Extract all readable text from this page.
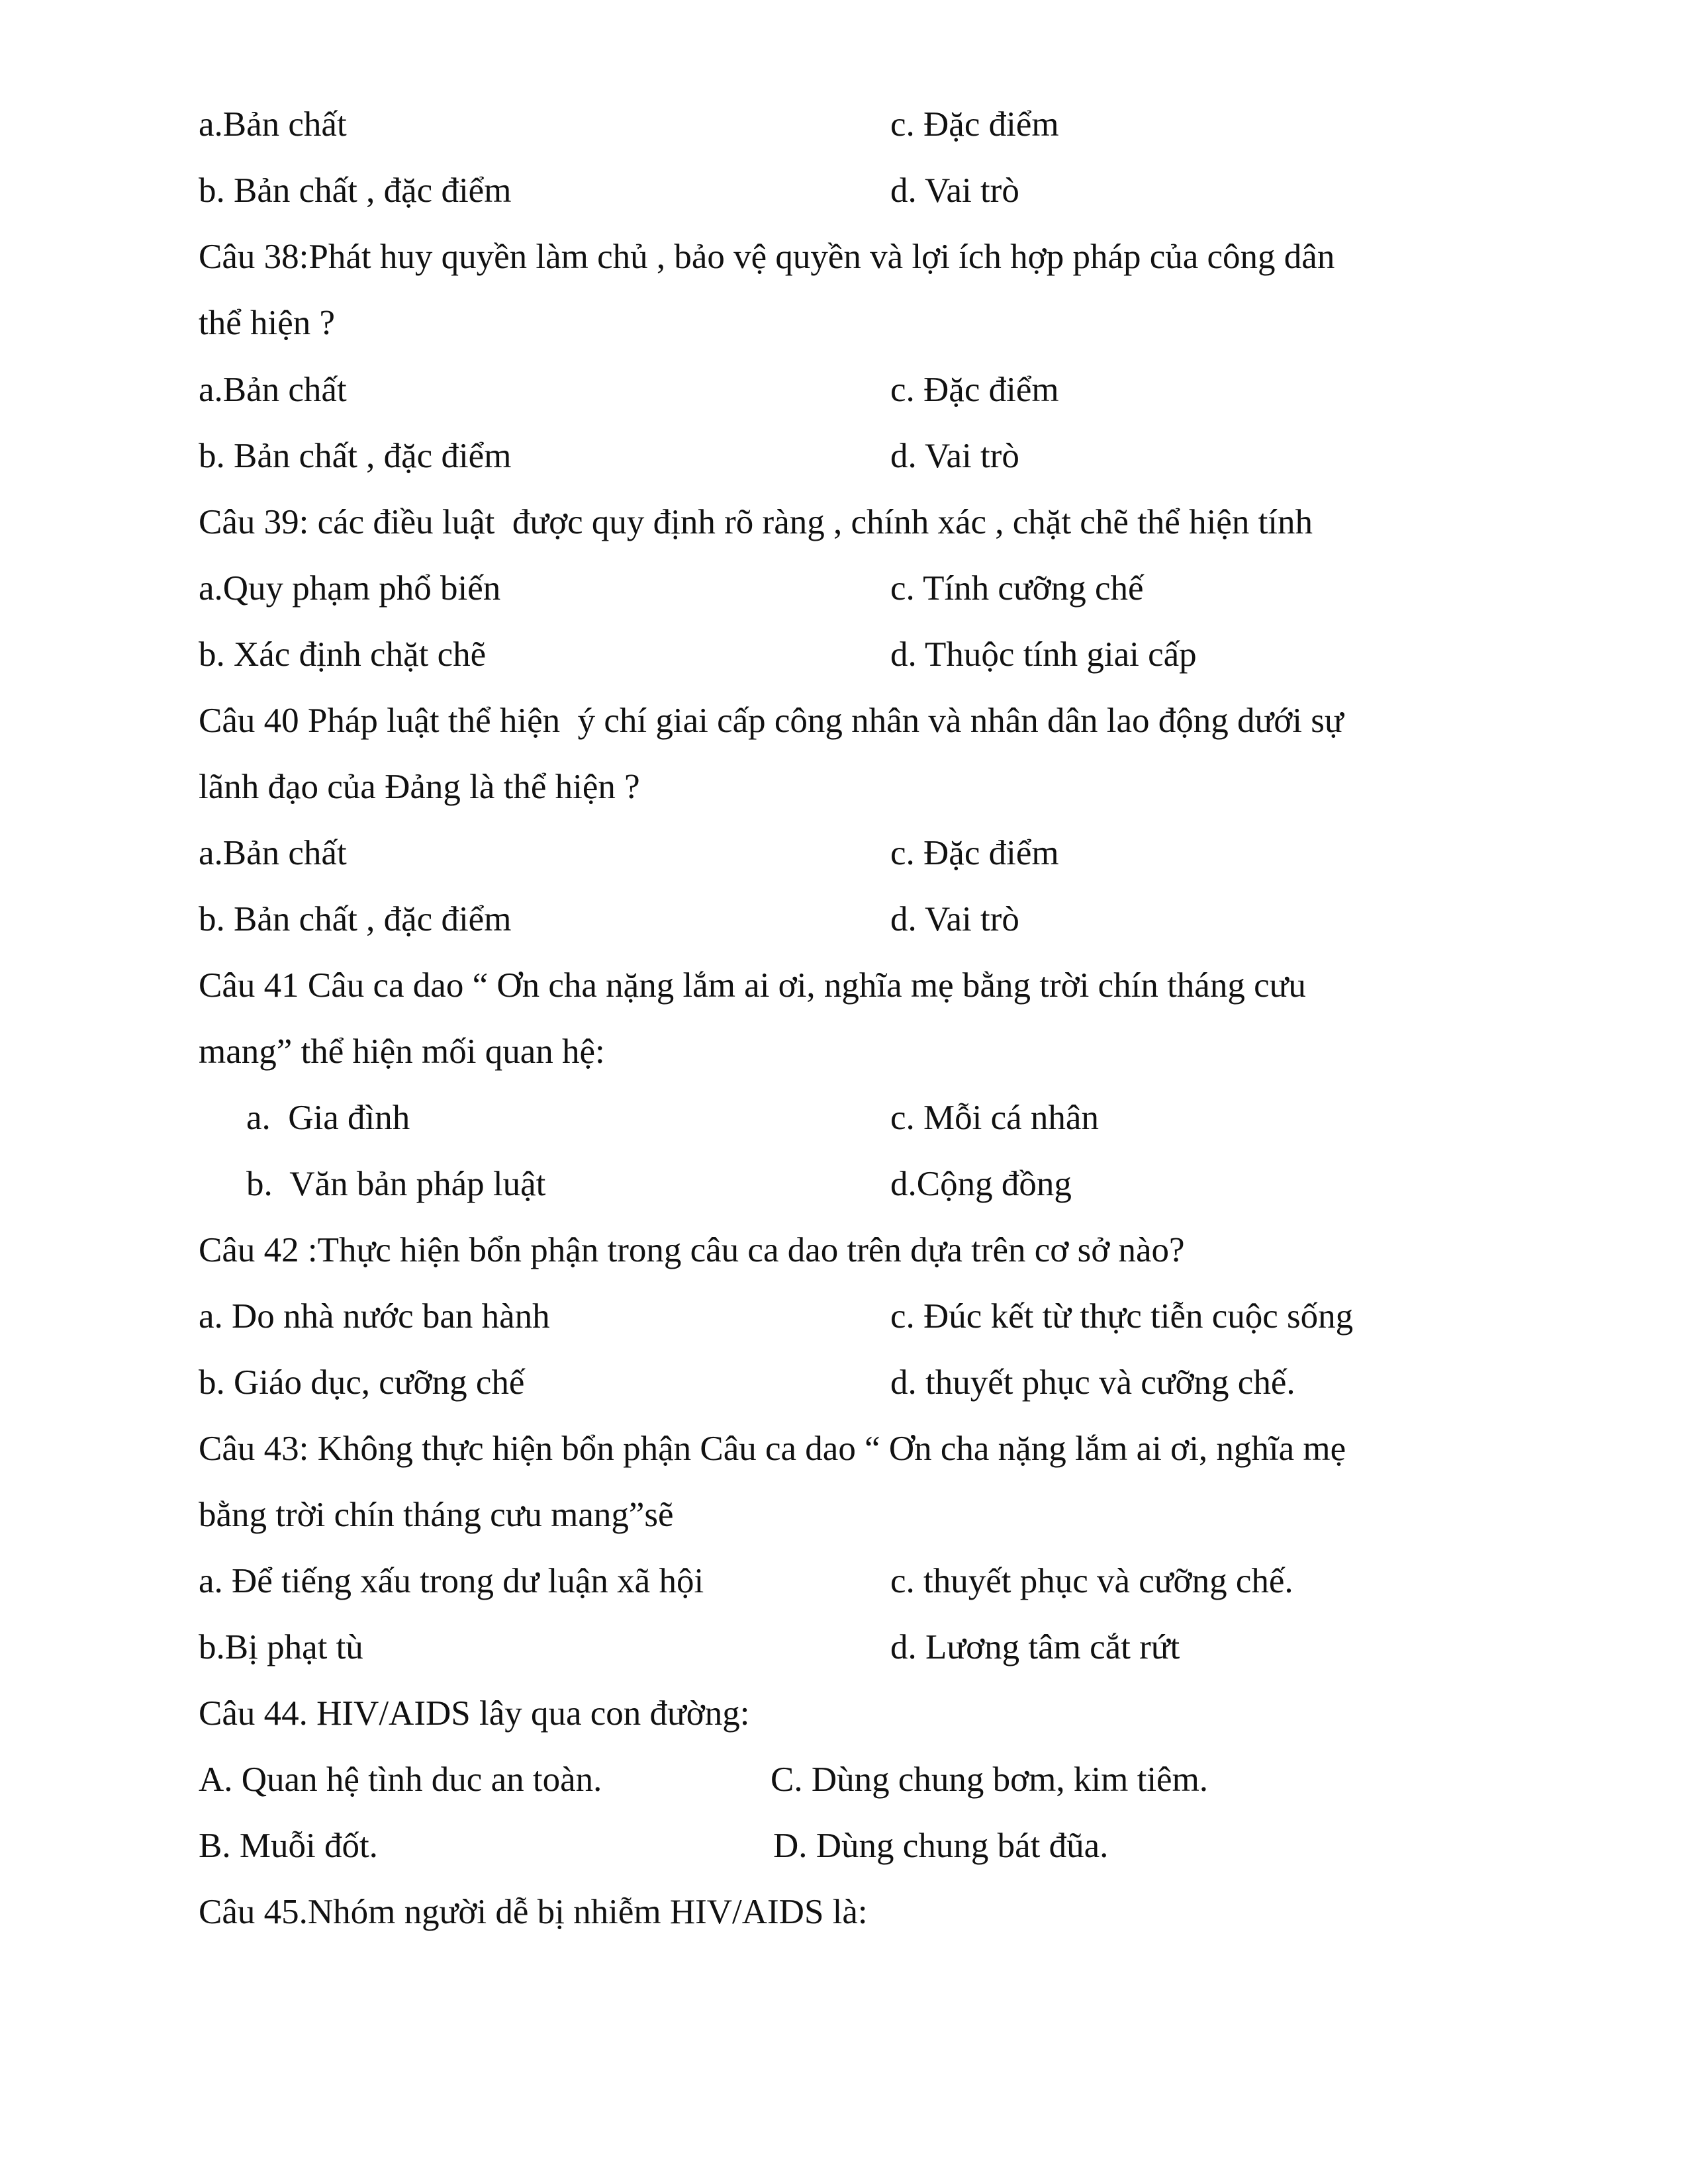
a.Bản chất	c. Đặc điểm
b. Bản chất , đặc điểm	d. Vai trò
Câu 38:Phát huy quyền làm chủ , bảo vệ quyền và lợi ích hợp pháp của công dân
thể hiện ?
a.Bản chất	c. Đặc điểm
b. Bản chất , đặc điểm	d. Vai trò
Câu 39: các điều luật  được quy định rõ ràng , chính xác , chặt chẽ thể hiện tính
a.Quy phạm phổ biến	c. Tính cưỡng chế
b. Xác định chặt chẽ	d. Thuộc tính giai cấp
Câu 40 Pháp luật thể hiện  ý chí giai cấp công nhân và nhân dân lao động dưới sự
lãnh đạo của Đảng là thể hiện ?
a.Bản chất	c. Đặc điểm
b. Bản chất , đặc điểm	d. Vai trò
Câu 41 Câu ca dao “ Ơn cha nặng lắm ai ơi, nghĩa mẹ bằng trời chín tháng cưu
mang” thể hiện mối quan hệ:
a.  Gia đình	c. Mỗi cá nhân
b.  Văn bản pháp luật	d.Cộng đồng
Câu 42 :Thực hiện bổn phận trong câu ca dao trên dựa trên cơ sở nào?
a. Do nhà nước ban hành	c. Đúc kết từ thực tiễn cuộc sống
b. Giáo dục, cưỡng chế	d. thuyết phục và cưỡng chế.
Câu 43: Không thực hiện bổn phận Câu ca dao “ Ơn cha nặng lắm ai ơi, nghĩa mẹ
bằng trời chín tháng cưu mang”sẽ
a. Để tiếng xấu trong dư luận xã hội	c. thuyết phục và cưỡng chế.
b.Bị phạt tù	d. Lương tâm cắt rứt
Câu 44. HIV/AIDS lây qua con đường:
A. Quan hệ tình duc an toàn.	C. Dùng chung bơm, kim tiêm.
B. Muỗi đốt.	D. Dùng chung bát đũa.
Câu 45.Nhóm người dễ bị nhiễm HIV/AIDS là:
